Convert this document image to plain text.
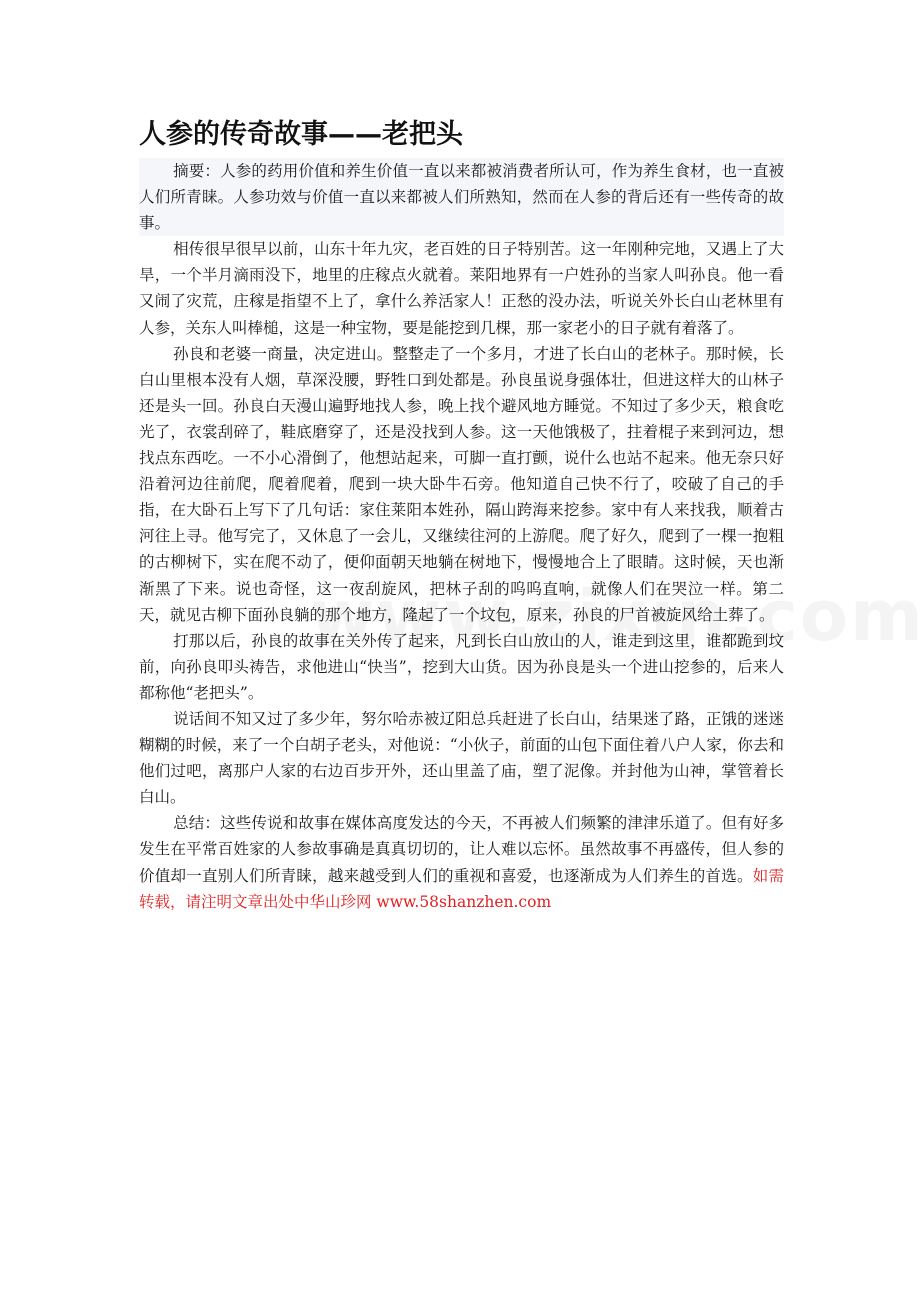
人参的传奇故事——老把头

摘要：人参的药用价值和养生价值一直以来都被消费者所认可，作为养生食材，也一直被人们所青睐。人参功效与价值一直以来都被人们所熟知，然而在人参的背后还有一些传奇的故事。

相传很早很早以前，山东十年九灾，老百姓的日子特别苦。这一年刚种完地，又遇上了大旱，一个半月滴雨没下，地里的庄稼点火就着。莱阳地界有一户姓孙的当家人叫孙良。他一看又闹了灾荒，庄稼是指望不上了，拿什么养活家人！正愁的没办法，听说关外长白山老林里有人参，关东人叫棒槌，这是一种宝物，要是能挖到几棵，那一家老小的日子就有着落了。

孙良和老婆一商量，决定进山。整整走了一个多月，才进了长白山的老林子。那时候，长白山里根本没有人烟，草深没腰，野牲口到处都是。孙良虽说身强体壮，但进这样大的山林子还是头一回。孙良白天漫山遍野地找人参，晚上找个避风地方睡觉。不知过了多少天，粮食吃光了，衣裳刮碎了，鞋底磨穿了，还是没找到人参。这一天他饿极了，拄着棍子来到河边，想找点东西吃。一不小心滑倒了，他想站起来，可脚一直打颤，说什么也站不起来。他无奈只好沿着河边往前爬，爬着爬着，爬到一块大卧牛石旁。他知道自己快不行了，咬破了自己的手指，在大卧石上写下了几句话：家住莱阳本姓孙，隔山跨海来挖参。家中有人来找我，顺着古河往上寻。他写完了，又休息了一会儿，又继续往河的上游爬。爬了好久，爬到了一棵一抱粗的古柳树下，实在爬不动了，便仰面朝天地躺在树地下，慢慢地合上了眼睛。这时候，天也渐渐黑了下来。说也奇怪，这一夜刮旋风，把林子刮的呜呜直响，就像人们在哭泣一样。第二天，就见古柳下面孙良躺的那个地方，隆起了一个坟包，原来，孙良的尸首被旋风给土葬了。

打那以后，孙良的故事在关外传了起来，凡到长白山放山的人，谁走到这里，谁都跪到坟前，向孙良叩头祷告，求他进山“快当”，挖到大山货。因为孙良是头一个进山挖参的，后来人都称他“老把头”。

说话间不知又过了多少年，努尔哈赤被辽阳总兵赶进了长白山，结果迷了路，正饿的迷迷糊糊的时候，来了一个白胡子老头，对他说：“小伙子，前面的山包下面住着八户人家，你去和他们过吧，离那户人家的右边百步开外，还山里盖了庙，塑了泥像。并封他为山神，掌管着长白山。

总结：这些传说和故事在媒体高度发达的今天，不再被人们频繁的津津乐道了。但有好多发生在平常百姓家的人参故事确是真真切切的，让人难以忘怀。虽然故事不再盛传，但人参的价值却一直别人们所青睐，越来越受到人们的重视和喜爱，也逐渐成为人们养生的首选。如需转载，请注明文章出处中华山珍网 www.58shanzhen.com
